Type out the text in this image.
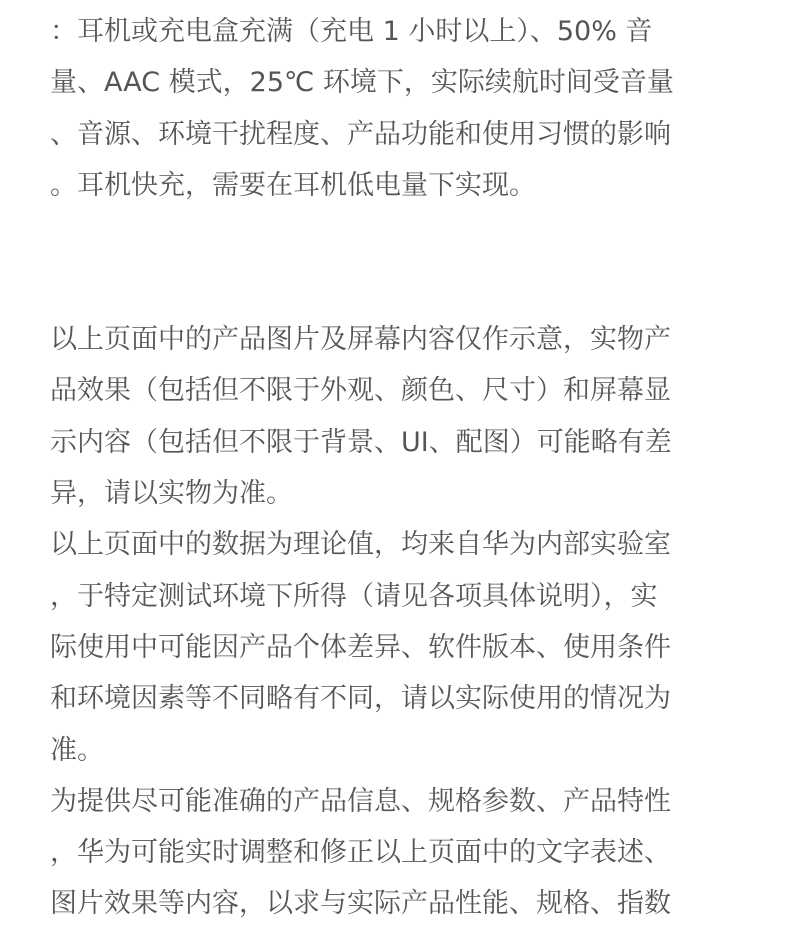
：耳机或充电盒充满（充电 1 小时以上）、50% 音
量、AAC 模式，25℃ 环境下，实际续航时间受音量
、音源、环境干扰程度、产品功能和使用习惯的影响
。耳机快充，需要在耳机低电量下实现。
以上页面中的产品图片及屏幕内容仅作示意，实物产
品效果（包括但不限于外观、颜色、尺寸）和屏幕显
示内容（包括但不限于背景、UI、配图）可能略有差
异，请以实物为准。
以上页面中的数据为理论值，均来自华为内部实验室
，于特定测试环境下所得（请见各项具体说明），实
际使用中可能因产品个体差异、软件版本、使用条件
和环境因素等不同略有不同，请以实际使用的情况为
准。
为提供尽可能准确的产品信息、规格参数、产品特性
，华为可能实时调整和修正以上页面中的文字表述、
图片效果等内容，以求与实际产品性能、规格、指数
